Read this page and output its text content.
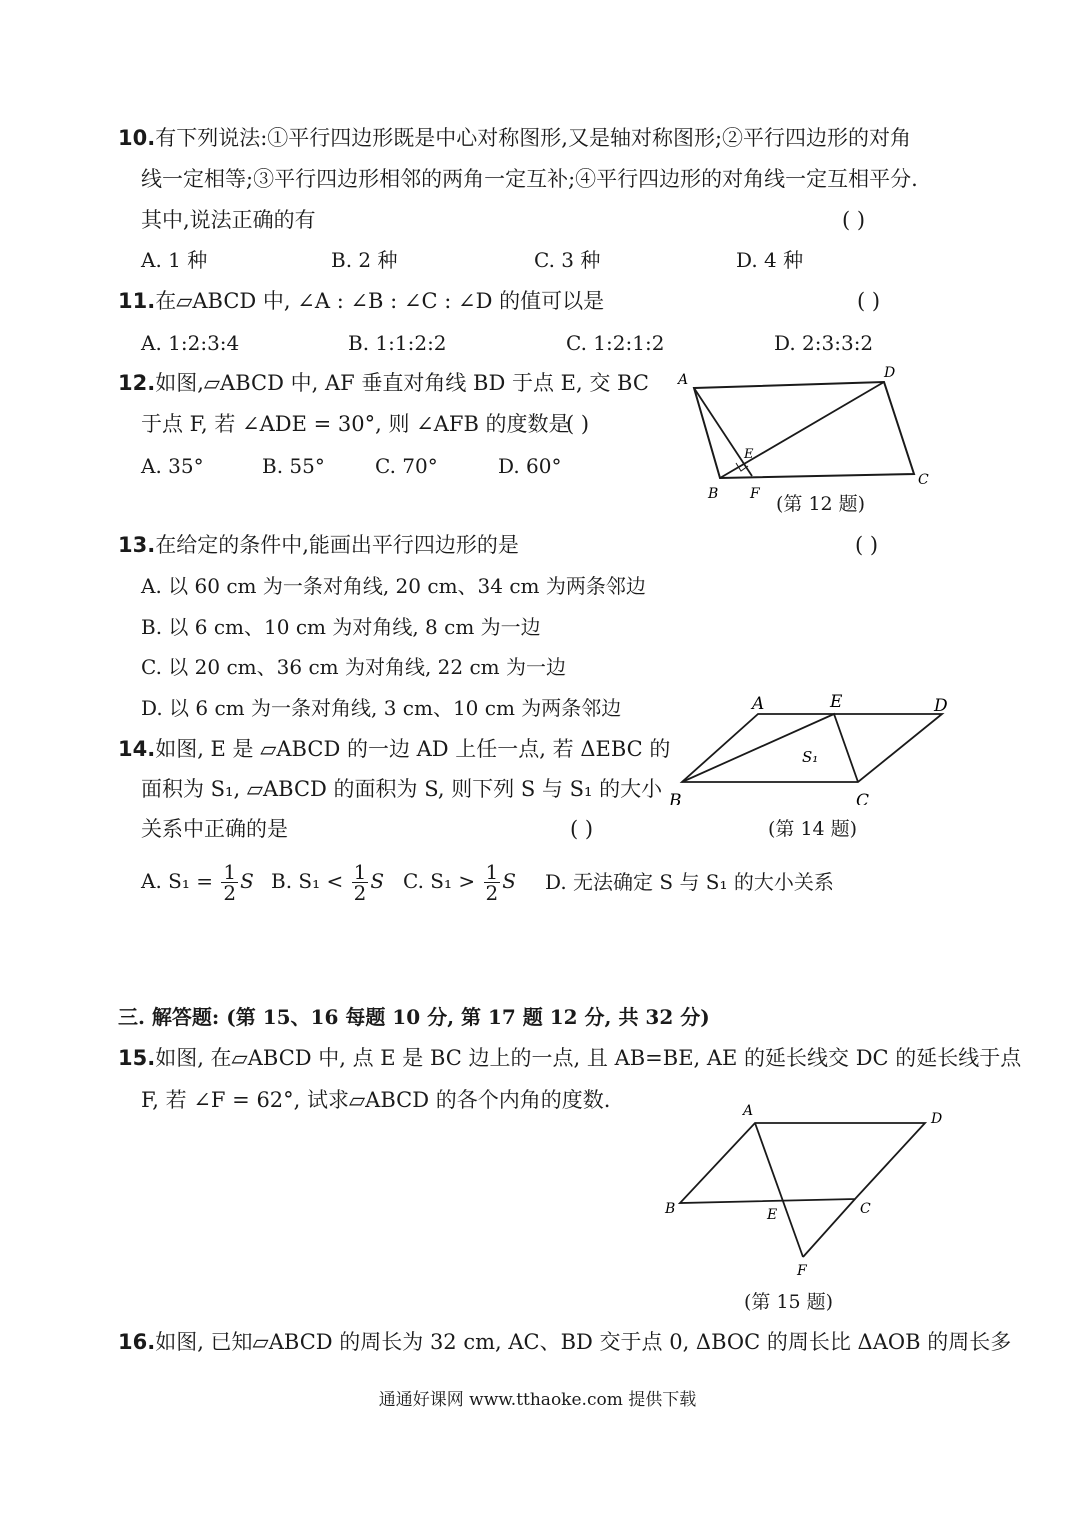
10.有下列说法:①平行四边形既是中心对称图形,又是轴对称图形;②平行四边形的对角
线一定相等;③平行四边形相邻的两角一定互补;④平行四边形的对角线一定互相平分.
其中,说法正确的有	( )
A. 1 种	B. 2 种	C. 3 种	D. 4 种
11.在▱ABCD 中, ∠A : ∠B : ∠C : ∠D 的值可以是	( )
A. 1:2:3:4	B. 1:1:2:2	C. 1:2:1:2	D. 2:3:3:2
12.如图,▱ABCD 中, AF 垂直对角线 BD 于点 E, 交 BC
于点 F, 若 ∠ADE = 30°, 则 ∠AFB 的度数是
( )
A. 35°	B. 55°	C. 70°	D. 60°
A	D
C
B F
E
(第 12 题)
13.在给定的条件中,能画出平行四边形的是	( )
A. 以 60 cm 为一条对角线, 20 cm、34 cm 为两条邻边
B. 以 6 cm、10 cm 为对角线, 8 cm 为一边
C. 以 20 cm、36 cm 为对角线, 22 cm 为一边
D. 以 6 cm 为一条对角线, 3 cm、10 cm 为两条邻边
14.如图, E 是 ▱ABCD 的一边 AD 上任一点, 若 ΔEBC 的
面积为 S₁, ▱ABCD 的面积为 S, 则下列 S 与 S₁ 的大小
关系中正确的是	( )
A. $S_1 = \frac{1}{2}$ S B. $S_1 < \frac{1}{2}$ S C. $S_1 > \frac{1}{2}$ S D. 无法确定 S 与 S₁ 的大小关系
A	E	D
B	C
S₁
(第 14 题)
三. 解答题: (第 15、16 每题 10 分, 第 17 题 12 分, 共 32 分)
15.如图, 在▱ABCD 中, 点 E 是 BC 边上的一点, 且 AB=BE, AE 的延长线交 DC 的延长线于点
F, 若 ∠F = 62°, 试求▱ABCD 的各个内角的度数.	A	D
B	E	C
F
(第 15 题)
16.如图, 已知▱ABCD 的周长为 32 cm, AC、BD 交于点 0, ΔBOC 的周长比 ΔAOB 的周长多
通通好课网 www.tthaoke.com 提供下载
